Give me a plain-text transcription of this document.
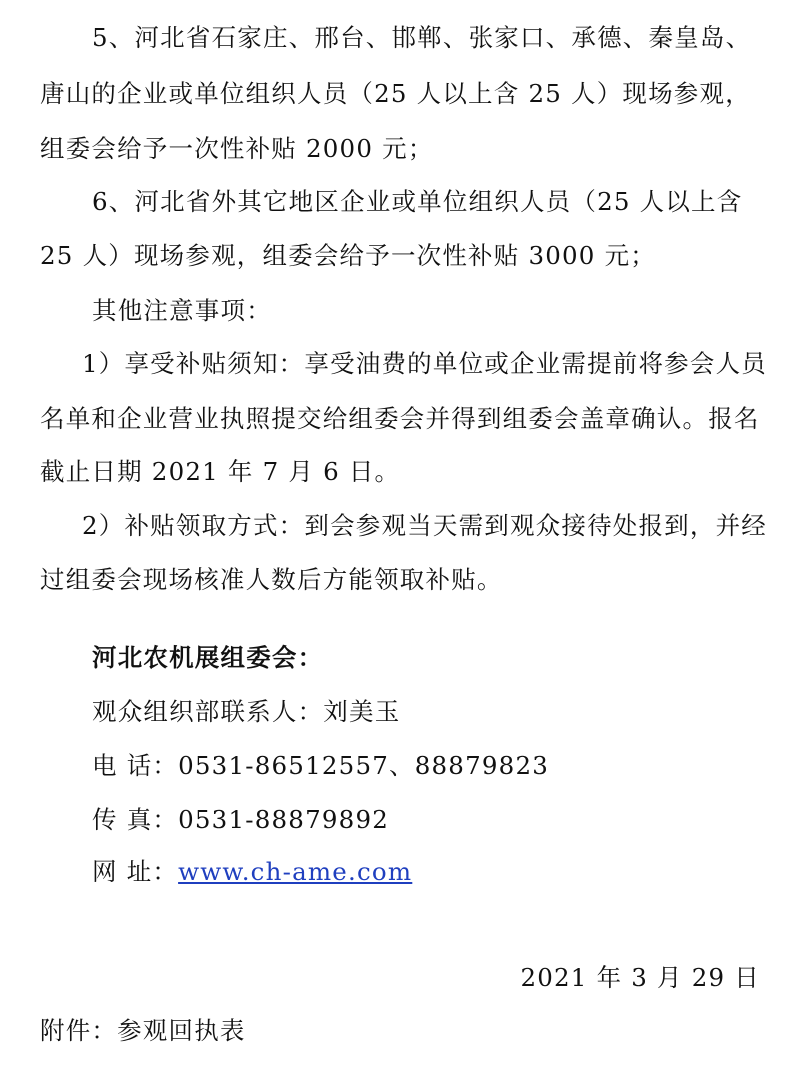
5、河北省石家庄、邢台、邯郸、张家口、承德、秦皇岛、
唐山的企业或单位组织人员（25 人以上含 25 人）现场参观，
组委会给予一次性补贴 2000 元；
6、河北省外其它地区企业或单位组织人员（25 人以上含
25 人）现场参观，组委会给予一次性补贴 3000 元；
其他注意事项：
1）享受补贴须知：享受油费的单位或企业需提前将参会人员
名单和企业营业执照提交给组委会并得到组委会盖章确认。报名
截止日期 2021 年 7 月 6 日。
2）补贴领取方式：到会参观当天需到观众接待处报到，并经
过组委会现场核准人数后方能领取补贴。
河北农机展组委会：
观众组织部联系人：刘美玉
电 话：0531-86512557、88879823
传 真：0531-88879892
网 址：www.ch-ame.com
2021 年 3 月 29 日
附件：参观回执表
